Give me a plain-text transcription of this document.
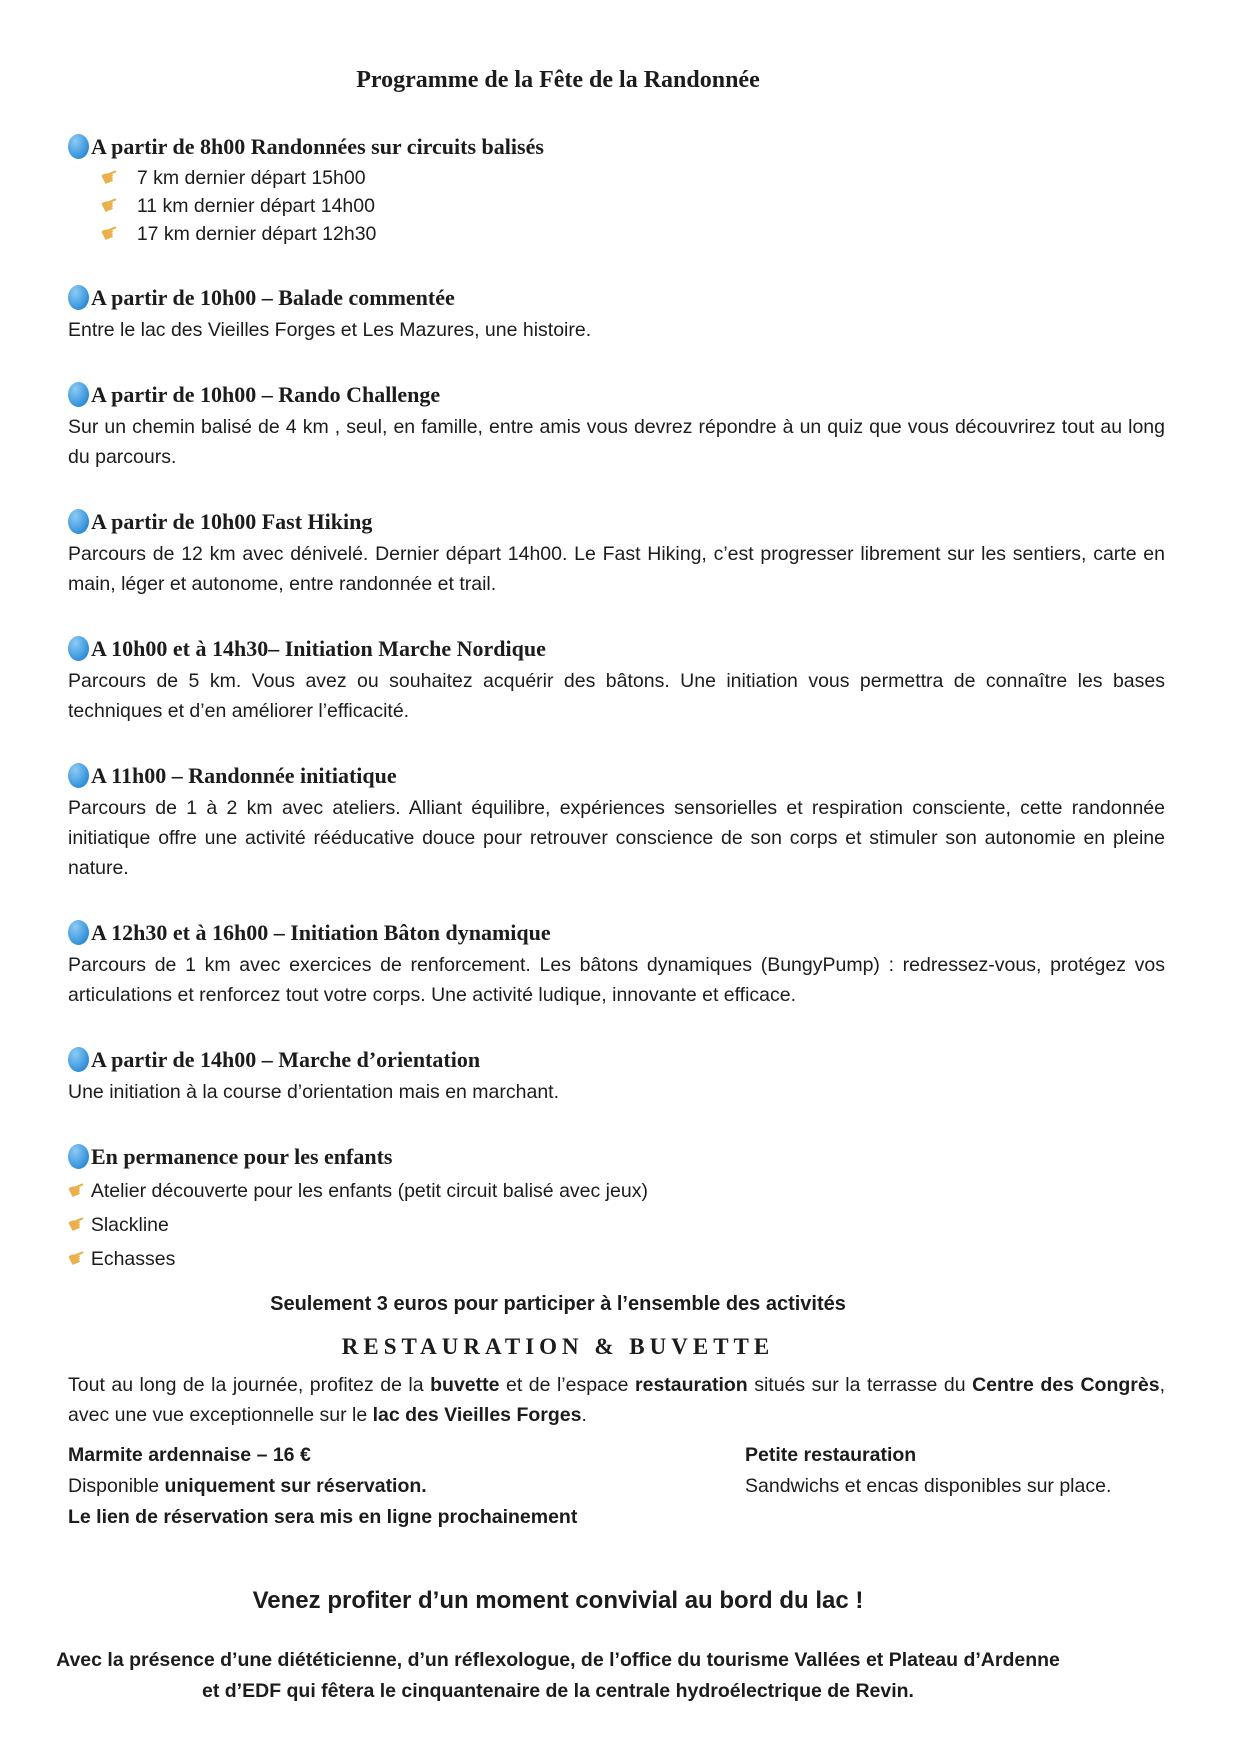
Programme de la Fête de la Randonnée
A partir de 8h00 Randonnées sur circuits balisés
☛ 7 km dernier départ 15h00
☛ 11 km dernier départ 14h00
☛ 17 km dernier départ 12h30
A partir de 10h00 – Balade commentée

Entre le lac des Vieilles Forges et Les Mazures, une histoire.

A partir de 10h00 – Rando Challenge

Sur un chemin balisé de 4 km , seul, en famille, entre amis vous devrez répondre à un quiz que vous découvrirez tout au long du parcours.

A partir de 10h00 Fast Hiking

Parcours de 12 km avec dénivelé. Dernier départ 14h00. Le Fast Hiking, c’est progresser librement sur les sentiers, carte en main, léger et autonome, entre randonnée et trail.

A 10h00 et à 14h30– Initiation Marche Nordique

Parcours de 5 km. Vous avez ou souhaitez acquérir des bâtons. Une initiation vous permettra de connaître les bases techniques et d’en améliorer l’efficacité.

A 11h00 – Randonnée initiatique

Parcours de 1 à 2 km avec ateliers. Alliant équilibre, expériences sensorielles et respiration consciente, cette randonnée initiatique offre une activité rééducative douce pour retrouver conscience de son corps et stimuler son autonomie en pleine nature.

A 12h30 et à 16h00 – Initiation Bâton dynamique

Parcours de 1 km avec exercices de renforcement. Les bâtons dynamiques (BungyPump) : redressez-vous, protégez vos articulations et renforcez tout votre corps. Une activité ludique, innovante et efficace.

A partir de 14h00 – Marche d’orientation

Une initiation à la course d’orientation mais en marchant.

En permanence pour les enfants
☛Atelier découverte pour les enfants (petit circuit balisé avec jeux)
☛Slackline
☛Echasses

Seulement 3 euros pour participer à l’ensemble des activités

RESTAURATION & BUVETTE

Tout au long de la journée, profitez de la buvette et de l’espace restauration situés sur la terrasse du Centre des Congrès, avec une vue exceptionnelle sur le lac des Vieilles Forges.

Marmite ardennaise – 16 €
Disponible uniquement sur réservation.
Le lien de réservation sera mis en ligne prochainement
Petite restauration
Sandwichs et encas disponibles sur place.

Venez profiter d’un moment convivial au bord du lac !

Avec la présence d’une diététicienne, d’un réflexologue, de l’office du tourisme Vallées et Plateau d’Ardenne et d’EDF qui fêtera le cinquantenaire de la centrale hydroélectrique de Revin.
